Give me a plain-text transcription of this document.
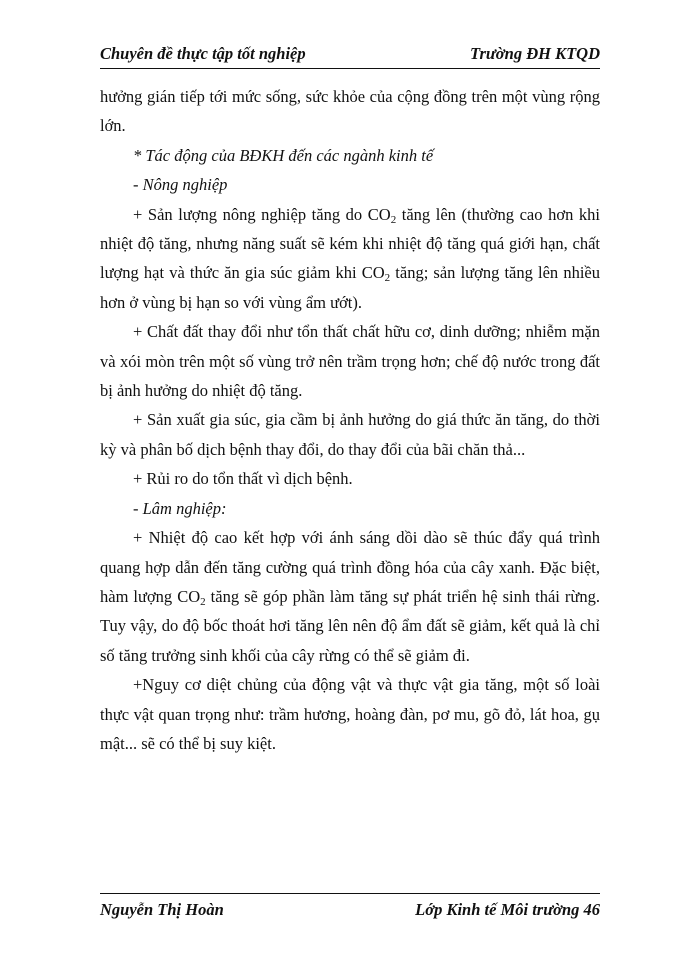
Chuyên đề thực tập tốt nghiệp	Trường ĐH KTQD

hưởng gián tiếp tới mức sống, sức khỏe của cộng đồng trên một vùng rộng lớn.

* Tác động của BĐKH đến các ngành kinh tế

- Nông nghiệp

+ Sản lượng nông nghiệp tăng do $CO_2$ tăng lên (thường cao hơn khi nhiệt độ tăng, nhưng năng suất sẽ kém khi nhiệt độ tăng quá giới hạn, chất lượng hạt và thức ăn gia súc giảm khi $CO_2$ tăng; sản lượng tăng lên nhiều hơn ở vùng bị hạn so với vùng ẩm ướt).

+ Chất đất thay đổi như tổn thất chất hữu cơ, dinh dưỡng; nhiễm mặn và xói mòn trên một số vùng trở nên trầm trọng hơn; chế độ nước trong đất bị ảnh hưởng do nhiệt độ tăng.

+ Sản xuất gia súc, gia cầm bị ảnh hưởng do giá thức ăn tăng, do thời kỳ và phân bố dịch bệnh thay đổi, do thay đổi của bãi chăn thả...

+ Rủi ro do tổn thất vì dịch bệnh.

- Lâm nghiệp:

+ Nhiệt độ cao kết hợp với ánh sáng dồi dào sẽ thúc đẩy quá trình quang hợp dẫn đến tăng cường quá trình đồng hóa của cây xanh. Đặc biệt, hàm lượng $CO_2$ tăng sẽ góp phần làm tăng sự phát triển hệ sinh thái rừng. Tuy vậy, do độ bốc thoát hơi tăng lên nên độ ẩm đất sẽ giảm, kết quả là chỉ số tăng trưởng sinh khối của cây rừng có thể sẽ giảm đi.

+Nguy cơ diệt chủng của động vật và thực vật gia tăng, một số loài thực vật quan trọng như: trầm hương, hoàng đàn, pơ mu, gõ đỏ, lát hoa, gụ mật... sẽ có thể bị suy kiệt.

Nguyễn Thị Hoàn	Lớp Kinh tế Môi trường 46
